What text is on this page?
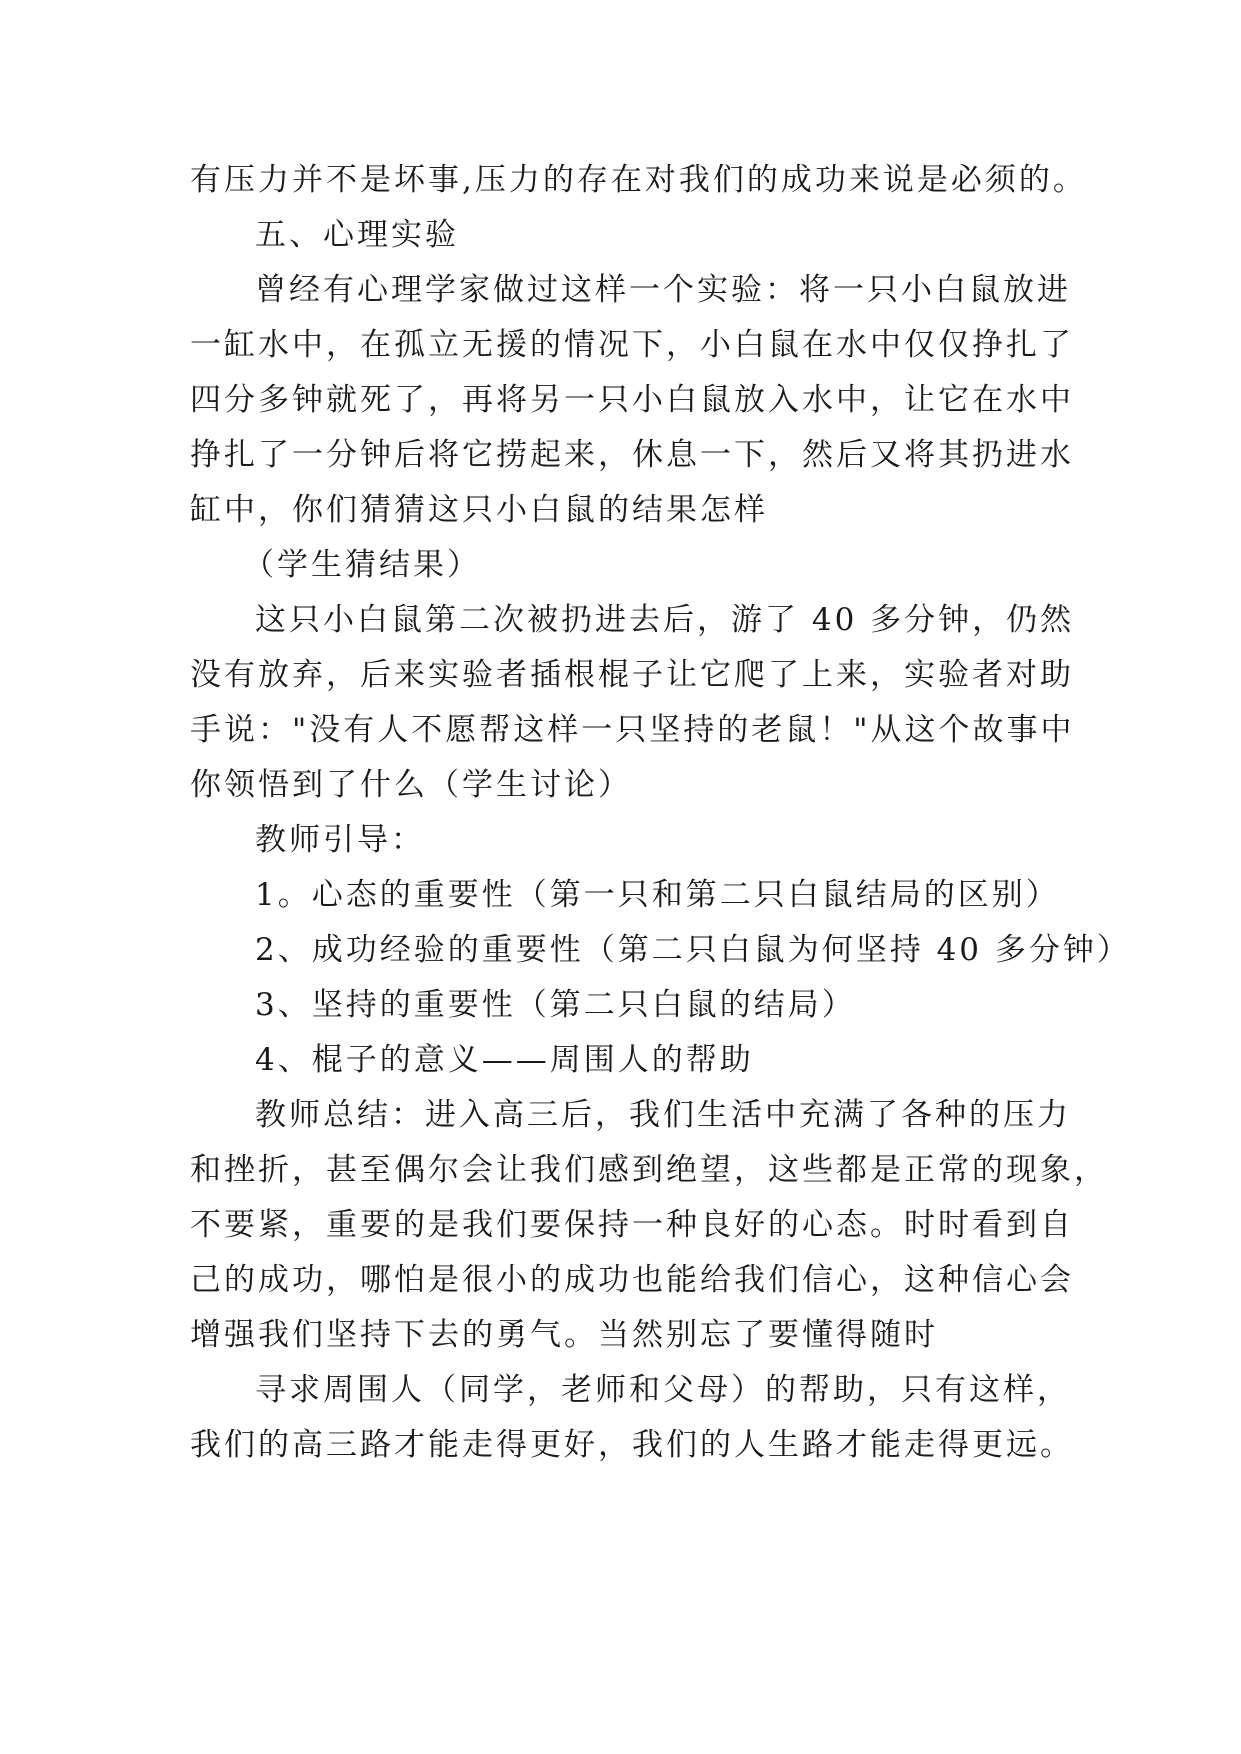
有压力并不是坏事,压力的存在对我们的成功来说是必须的。
五、心理实验
曾经有心理学家做过这样一个实验：将一只小白鼠放进
一缸水中，在孤立无援的情况下，小白鼠在水中仅仅挣扎了
四分多钟就死了，再将另一只小白鼠放入水中，让它在水中
挣扎了一分钟后将它捞起来，休息一下，然后又将其扔进水
缸中，你们猜猜这只小白鼠的结果怎样
（学生猜结果）
这只小白鼠第二次被扔进去后，游了 40 多分钟，仍然
没有放弃，后来实验者插根棍子让它爬了上来，实验者对助
手说："没有人不愿帮这样一只坚持的老鼠！"从这个故事中
你领悟到了什么（学生讨论）
教师引导：
1。心态的重要性（第一只和第二只白鼠结局的区别）
2、成功经验的重要性（第二只白鼠为何坚持 40 多分钟）
3、坚持的重要性（第二只白鼠的结局）
4、棍子的意义——周围人的帮助
教师总结：进入高三后，我们生活中充满了各种的压力
和挫折，甚至偶尔会让我们感到绝望，这些都是正常的现象，
不要紧，重要的是我们要保持一种良好的心态。时时看到自
己的成功，哪怕是很小的成功也能给我们信心，这种信心会
增强我们坚持下去的勇气。当然别忘了要懂得随时
寻求周围人（同学，老师和父母）的帮助，只有这样，
我们的高三路才能走得更好，我们的人生路才能走得更远。
